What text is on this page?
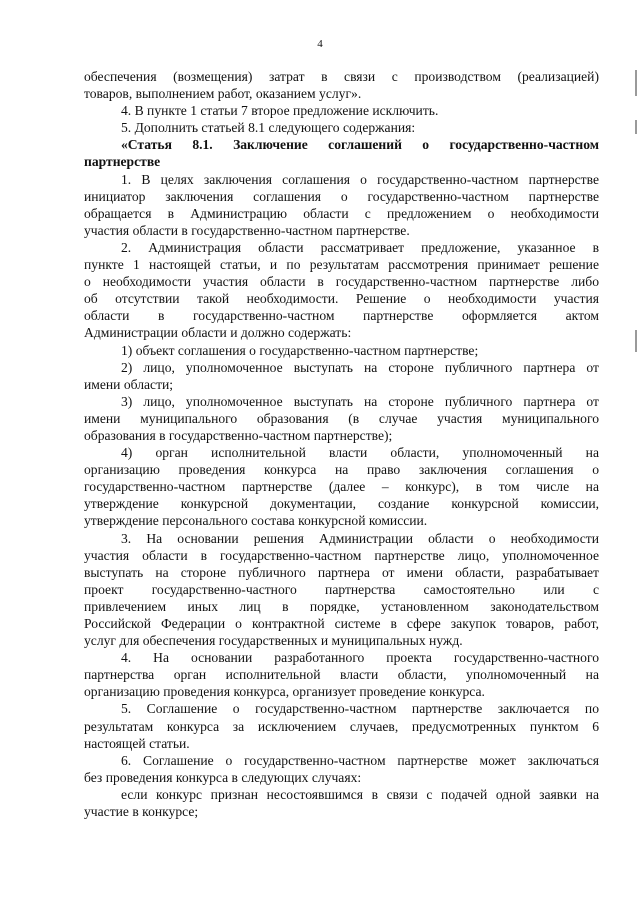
4
обеспечения (возмещения) затрат в связи с производством (реализацией)
товаров, выполнением работ, оказанием услуг».
4. В пункте 1 статьи 7 второе предложение исключить.
5. Дополнить статьей 8.1 следующего содержания:
«Статья 8.1. Заключение соглашений о государственно-частном
партнерстве
1. В целях заключения соглашения о государственно-частном партнерстве
инициатор заключения соглашения о государственно-частном партнерстве
обращается в Администрацию области с предложением о необходимости
участия области в государственно-частном партнерстве.
2. Администрация области рассматривает предложение, указанное в
пункте 1 настоящей статьи, и по результатам рассмотрения принимает решение
о необходимости участия области в государственно-частном партнерстве либо
об отсутствии такой необходимости. Решение о необходимости участия
области в государственно-частном партнерстве оформляется актом
Администрации области и должно содержать:
1) объект соглашения о государственно-частном партнерстве;
2) лицо, уполномоченное выступать на стороне публичного партнера от
имени области;
3) лицо, уполномоченное выступать на стороне публичного партнера от
имени муниципального образования (в случае участия муниципального
образования в государственно-частном партнерстве);
4) орган исполнительной власти области, уполномоченный на
организацию проведения конкурса на право заключения соглашения о
государственно-частном партнерстве (далее – конкурс), в том числе на
утверждение конкурсной документации, создание конкурсной комиссии,
утверждение персонального состава конкурсной комиссии.
3. На основании решения Администрации области о необходимости
участия области в государственно-частном партнерстве лицо, уполномоченное
выступать на стороне публичного партнера от имени области, разрабатывает
проект государственно-частного партнерства самостоятельно или с
привлечением иных лиц в порядке, установленном законодательством
Российской Федерации о контрактной системе в сфере закупок товаров, работ,
услуг для обеспечения государственных и муниципальных нужд.
4. На основании разработанного проекта государственно-частного
партнерства орган исполнительной власти области, уполномоченный на
организацию проведения конкурса, организует проведение конкурса.
5. Соглашение о государственно-частном партнерстве заключается по
результатам конкурса за исключением случаев, предусмотренных пунктом 6
настоящей статьи.
6. Соглашение о государственно-частном партнерстве может заключаться
без проведения конкурса в следующих случаях:
если конкурс признан несостоявшимся в связи с подачей одной заявки на
участие в конкурсе;
